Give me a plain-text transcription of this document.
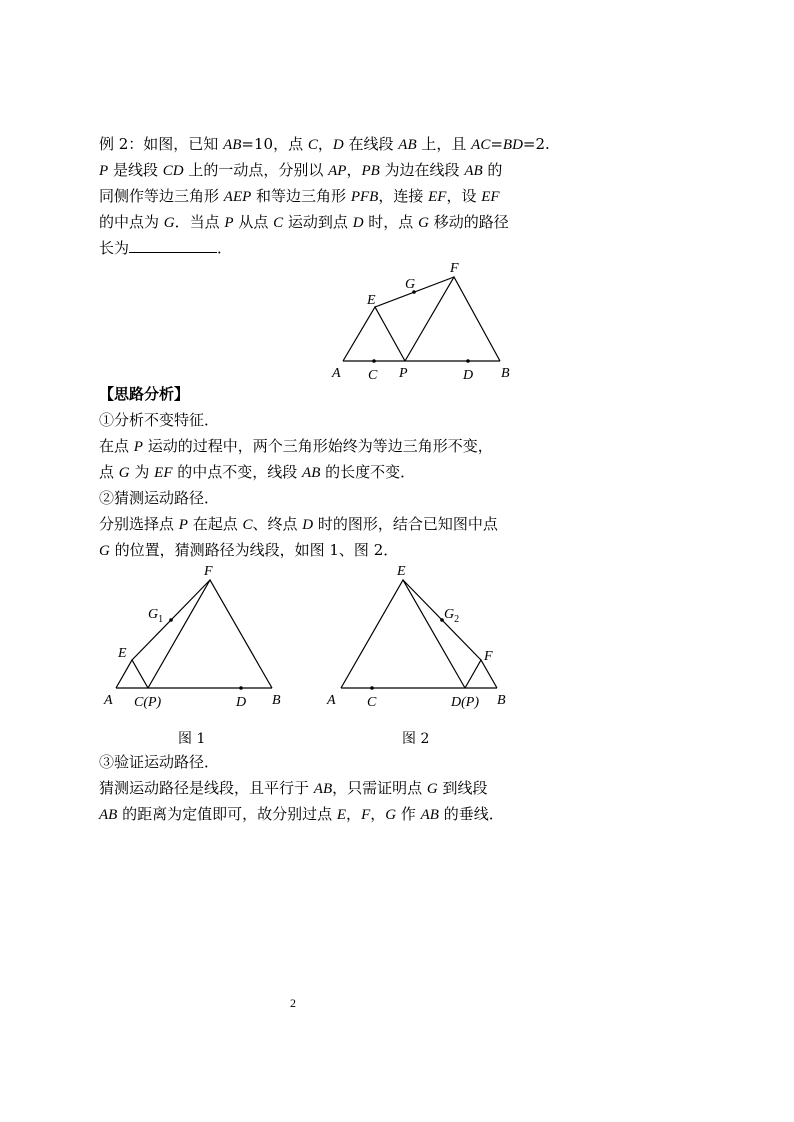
例 2：如图，已知 AB=10，点 C，D 在线段 AB 上，且 AC=BD=2.
P 是线段 CD 上的一动点，分别以 AP，PB 为边在线段 AB 的
同侧作等边三角形 AEP 和等边三角形 PFB，连接 EF，设 EF
的中点为 G．当点 P 从点 C 运动到点 D 时，点 G 移动的路径
长为	．
A C P	D B
E
G
F
【思路分析】
①分析不变特征．
在点 P 运动的过程中，两个三角形始终为等边三角形不变，
点 G 为 EF 的中点不变，线段 AB 的长度不变．
②猜测运动路径．
分别选择点 P 在起点 C、终点 D 时的图形，结合已知图中点
G 的位置，猜测路径为线段，如图 1、图 2．
F
$G_1$
E
A C(P)	D B
图 1
E
$G_2$
F
A C	D(P) B
图 2
③验证运动路径．
猜测运动路径是线段，且平行于 AB，只需证明点 G 到线段
AB 的距离为定值即可，故分别过点 E，F，G 作 AB 的垂线．
2
